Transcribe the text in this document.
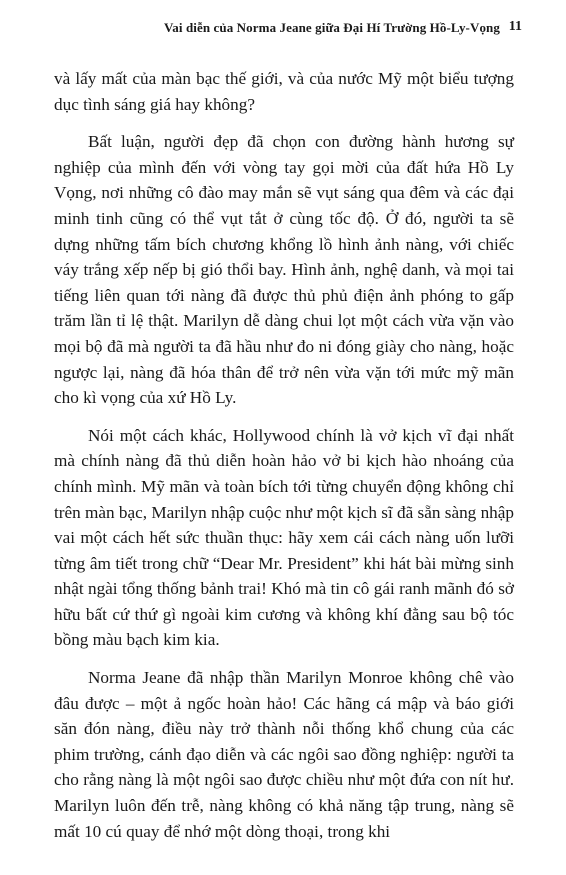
Vai diễn của Norma Jeane giữa Đại Hí Trường Hồ-Ly-Vọng 11

và lấy mất của màn bạc thế giới, và của nước Mỹ một biểu tượng dục tình sáng giá hay không?

Bất luận, người đẹp đã chọn con đường hành hương sự nghiệp của mình đến với vòng tay gọi mời của đất hứa Hồ Ly Vọng, nơi những cô đào may mắn sẽ vụt sáng qua đêm và các đại minh tinh cũng có thể vụt tắt ở cùng tốc độ. Ở đó, người ta sẽ dựng những tấm bích chương khổng lồ hình ảnh nàng, với chiếc váy trắng xếp nếp bị gió thổi bay. Hình ảnh, nghệ danh, và mọi tai tiếng liên quan tới nàng đã được thủ phủ điện ảnh phóng to gấp trăm lần tỉ lệ thật. Marilyn dễ dàng chui lọt một cách vừa vặn vào mọi bộ đã mà người ta đã hầu như đo ni đóng giày cho nàng, hoặc ngược lại, nàng đã hóa thân để trở nên vừa vặn tới mức mỹ mãn cho kì vọng của xứ Hồ Ly.

Nói một cách khác, Hollywood chính là vở kịch vĩ đại nhất mà chính nàng đã thủ diễn hoàn hảo vở bi kịch hào nhoáng của chính mình. Mỹ mãn và toàn bích tới từng chuyển động không chỉ trên màn bạc, Marilyn nhập cuộc như một kịch sĩ đã sẵn sàng nhập vai một cách hết sức thuần thục: hãy xem cái cách nàng uốn lưỡi từng âm tiết trong chữ “Dear Mr. President” khi hát bài mừng sinh nhật ngài tổng thống bảnh trai! Khó mà tin cô gái ranh mãnh đó sở hữu bất cứ thứ gì ngoài kim cương và không khí đằng sau bộ tóc bồng màu bạch kim kia.

Norma Jeane đã nhập thần Marilyn Monroe không chê vào đâu được – một ả ngốc hoàn hảo! Các hãng cá mập và báo giới săn đón nàng, điều này trở thành nỗi thống khổ chung của các phim trường, cánh đạo diễn và các ngôi sao đồng nghiệp: người ta cho rằng nàng là một ngôi sao được chiều như một đứa con nít hư. Marilyn luôn đến trễ, nàng không có khả năng tập trung, nàng sẽ mất 10 cú quay để nhớ một dòng thoại, trong khi
